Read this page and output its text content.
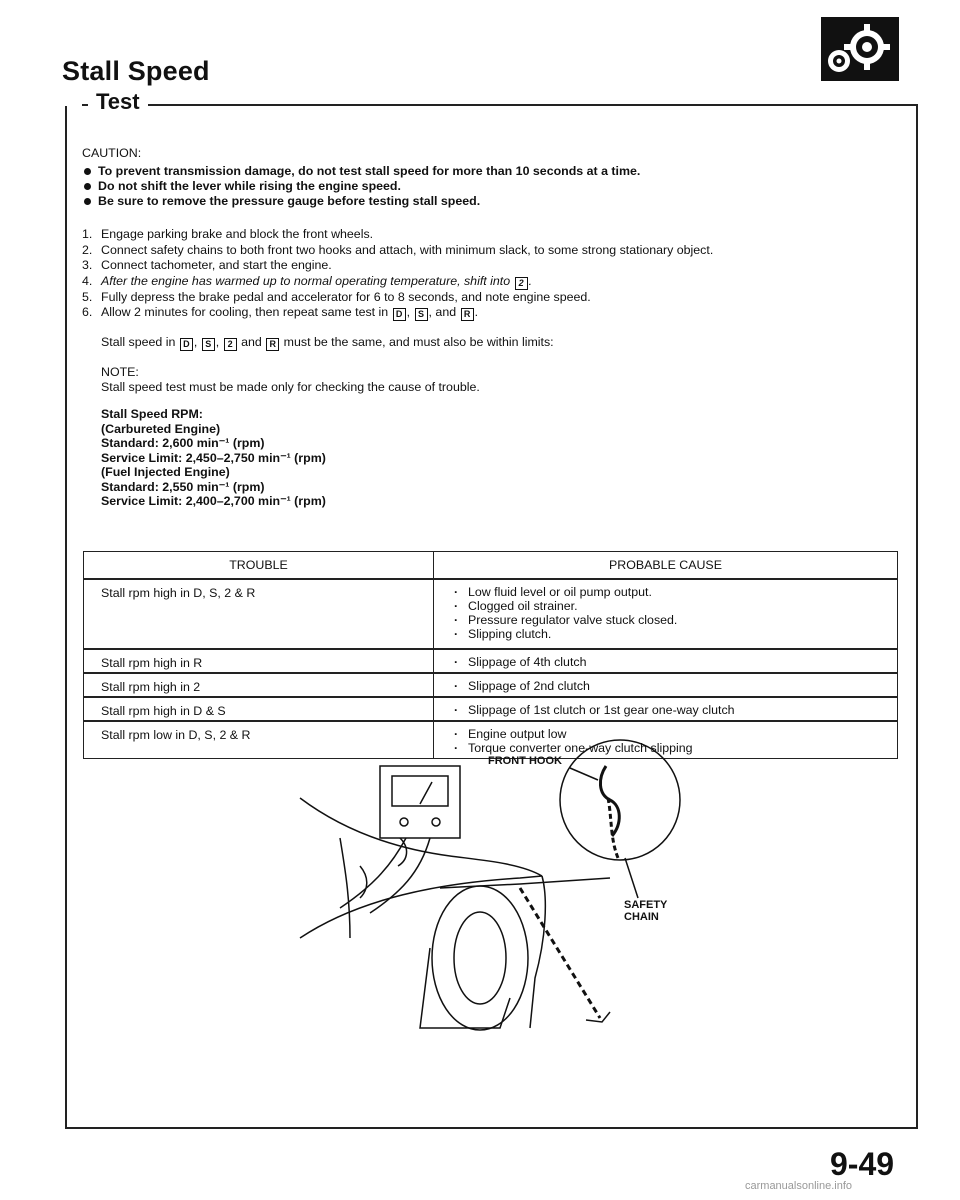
Stall Speed
Test
CAUTION:
To prevent transmission damage, do not test stall speed for more than 10 seconds at a time.
Do not shift the lever while rising the engine speed.
Be sure to remove the pressure gauge before testing stall speed.
1. Engage parking brake and block the front wheels.
2. Connect safety chains to both front two hooks and attach, with minimum slack, to some strong stationary object.
3. Connect tachometer, and start the engine.
4. After the engine has warmed up to normal operating temperature, shift into 2 .
5. Fully depress the brake pedal and accelerator for 6 to 8 seconds, and note engine speed.
6. Allow 2 minutes for cooling, then repeat same test in D , S , and R .
Stall speed in D , S , 2 and R must be the same, and must also be within limits:
NOTE:
Stall speed test must be made only for checking the cause of trouble.
Stall Speed RPM:
(Carbureted Engine)
Standard: 2,600 min⁻¹ (rpm)
Service Limit: 2,450–2,750 min⁻¹ (rpm)
(Fuel Injected Engine)
Standard: 2,550 min⁻¹ (rpm)
Service Limit: 2,400–2,700 min⁻¹ (rpm)
TROUBLE	PROBABLE CAUSE
Stall rpm high in D, S, 2 & R	· Low fluid level or oil pump output.
· Clogged oil strainer.
· Pressure regulator valve stuck closed.
· Slipping clutch.

Stall rpm high in R	· Slippage of 4th clutch

Stall rpm high in 2	· Slippage of 2nd clutch

Stall rpm high in D & S	· Slippage of 1st clutch or 1st gear one-way clutch

Stall rpm low in D, S, 2 & R	· Engine output low
· Torque converter one-way clutch slipping
FRONT HOOK
SAFETY
CHAIN
9-49
carmanualsonline.info
